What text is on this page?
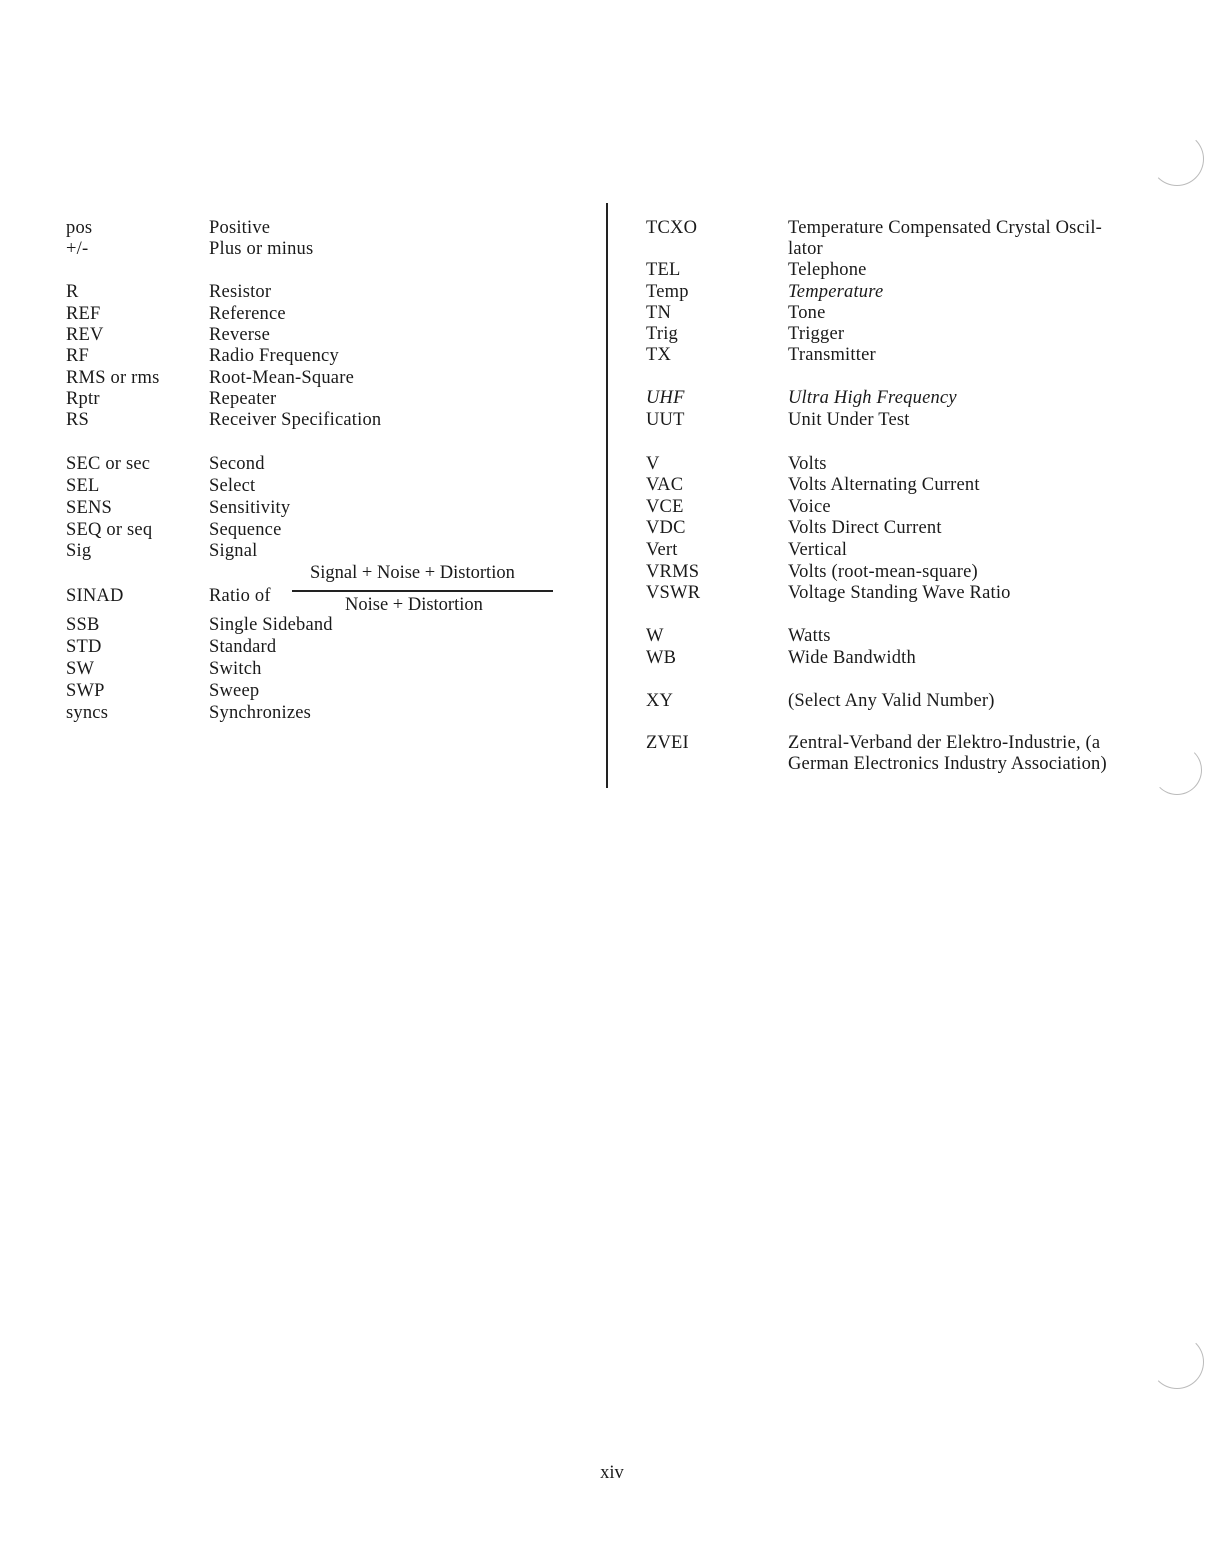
pos	Positive
+/-	Plus or minus
R	Resistor
REF	Reference
REV	Reverse
RF	Radio Frequency
RMS or rms	Root-Mean-Square
Rptr	Repeater
RS	Receiver Specification
SEC or sec	Second
SEL	Select
SENS	Sensitivity
SEQ or seq	Sequence
Sig	Signal
SINAD	Ratio of
Signal + Noise + Distortion
Noise + Distortion
SSB	Single Sideband
STD	Standard
SW	Switch
SWP	Sweep
syncs	Synchronizes
TCXO	Temperature Compensated Crystal Oscil-
lator
TEL	Telephone
Temp	Temperature
TN	Tone
Trig	Trigger
TX	Transmitter
UHF	Ultra High Frequency
UUT	Unit Under Test
V	Volts
VAC	Volts Alternating Current
VCE	Voice
VDC	Volts Direct Current
Vert	Vertical
VRMS	Volts (root-mean-square)
VSWR	Voltage Standing Wave Ratio
W	Watts
WB	Wide Bandwidth
XY	(Select Any Valid Number)
ZVEI	Zentral-Verband der Elektro-Industrie, (a
German Electronics Industry Association)
xiv
